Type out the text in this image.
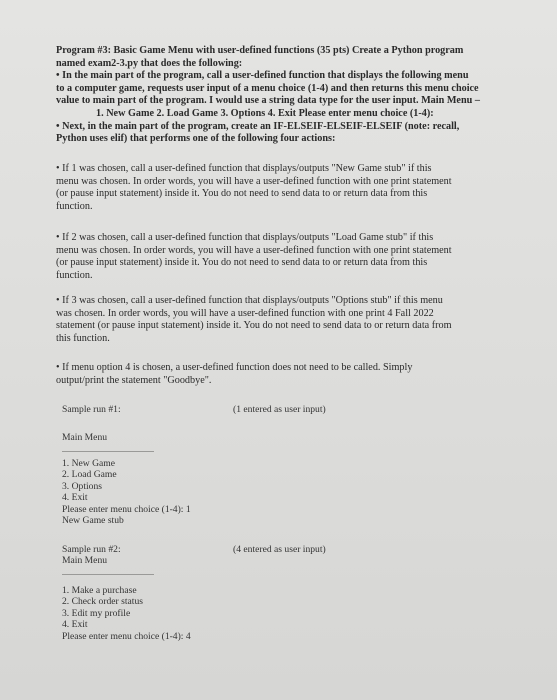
Program #3: Basic Game Menu with user-defined functions (35 pts) Create a Python program
named exam2-3.py that does the following:
• In the main part of the program, call a user-defined function that displays the following menu
to a computer game, requests user input of a menu choice (1-4) and then returns this menu choice
value to main part of the program. I would use a string data type for the user input. Main Menu –
1. New Game 2. Load Game 3. Options 4. Exit Please enter menu choice (1-4):
• Next, in the main part of the program, create an IF-ELSEIF-ELSEIF-ELSEIF (note: recall,
Python uses elif) that performs one of the following four actions:
• If 1 was chosen, call a user-defined function that displays/outputs "New Game stub" if this
menu was chosen. In order words, you will have a user-defined function with one print statement
(or pause input statement) inside it. You do not need to send data to or return data from this
function.
• If 2 was chosen, call a user-defined function that displays/outputs "Load Game stub" if this
menu was chosen. In order words, you will have a user-defined function with one print statement
(or pause input statement) inside it. You do not need to send data to or return data from this
function.
• If 3 was chosen, call a user-defined function that displays/outputs "Options stub" if this menu
was chosen. In order words, you will have a user-defined function with one print 4 Fall 2022
statement (or pause input statement) inside it. You do not need to send data to or return data from
this function.
• If menu option 4 is chosen, a user-defined function does not need to be called. Simply
output/print the statement "Goodbye".
Sample run #1:	(1 entered as user input)
Main Menu
1. New Game
2. Load Game
3. Options
4. Exit
Please enter menu choice (1-4): 1
New Game stub
Sample run #2:
Main Menu
(4 entered as user input)
1. Make a purchase
2. Check order status
3. Edit my profile
4. Exit
Please enter menu choice (1-4): 4
